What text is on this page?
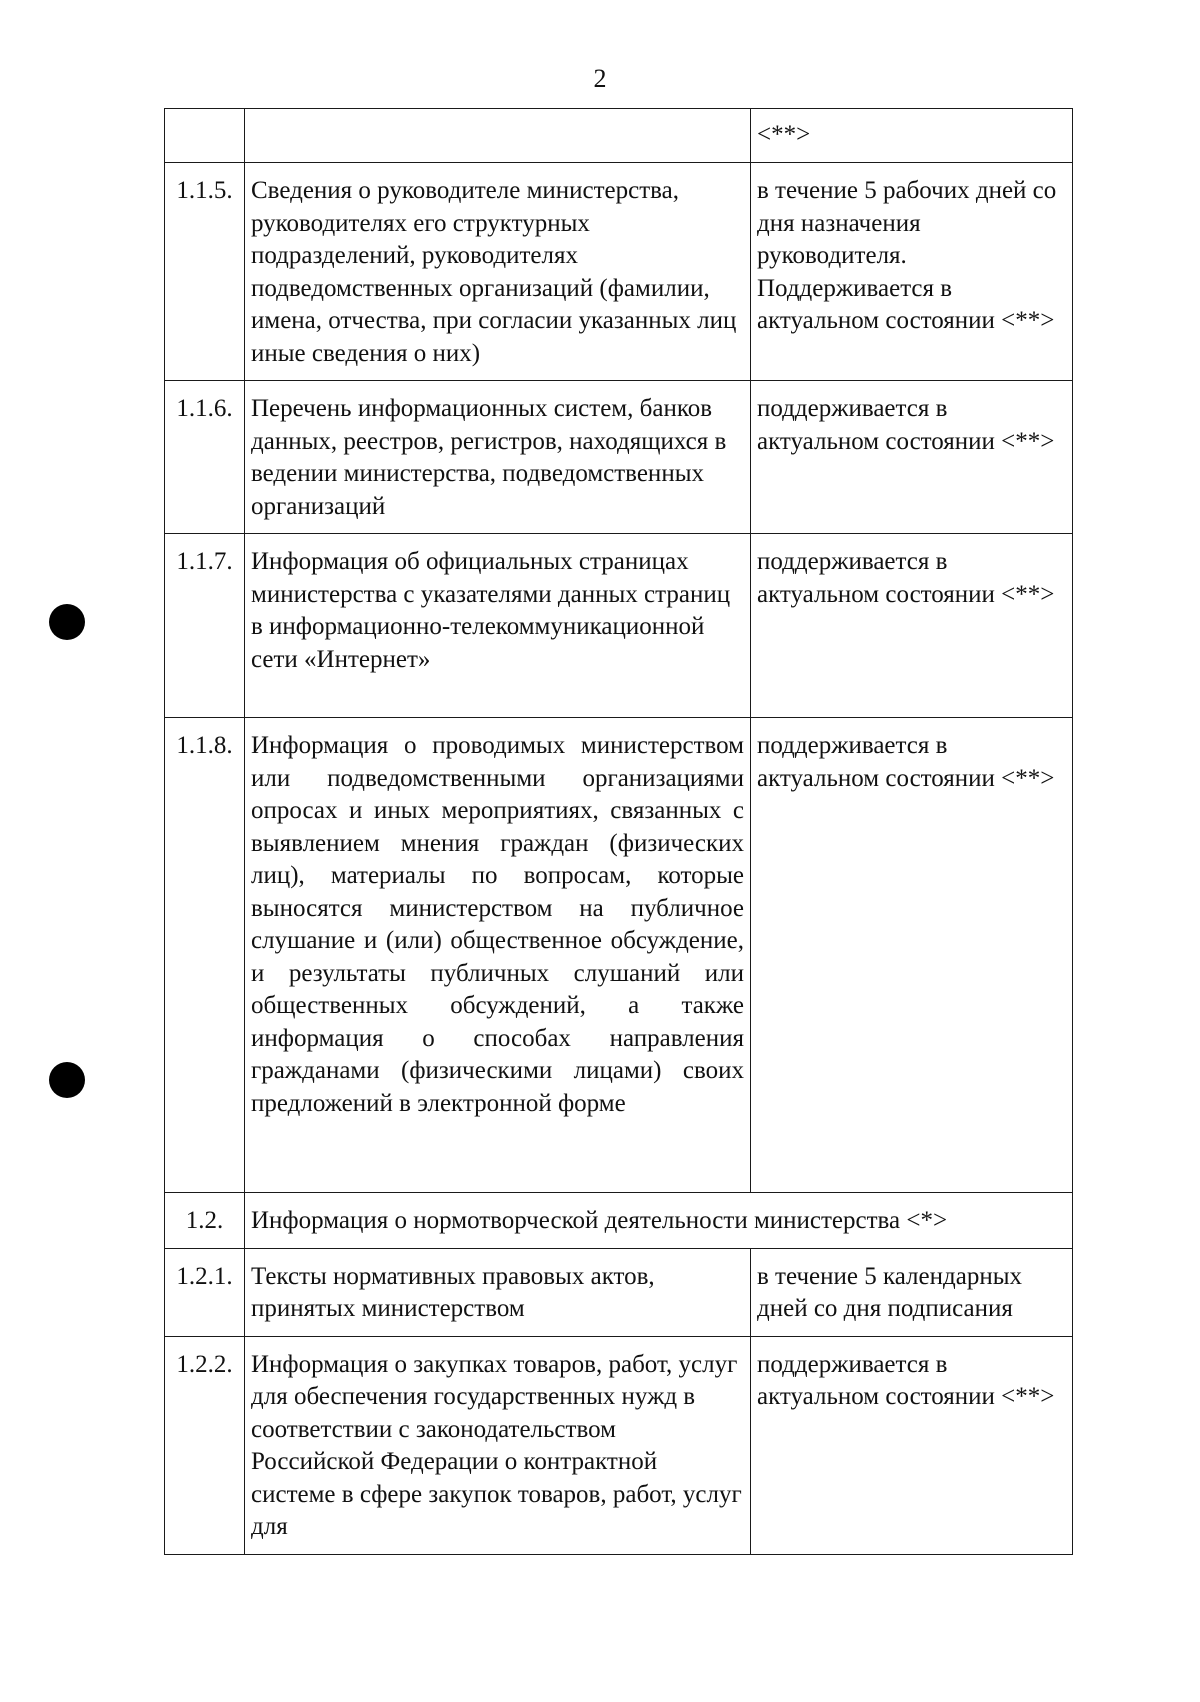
2
		<**>
1.1.5.	Сведения о руководителе министерства, руководителях его структурных подразделений, руководителях подведомственных организаций (фамилии, имена, отчества, при согласии указанных лиц иные сведения о них)	в течение 5 рабочих дней со дня назначения руководителя. Поддерживается в актуальном состоянии <**>
1.1.6.	Перечень информационных систем, банков данных, реестров, регистров, находящихся в ведении министерства, подведомственных организаций	поддерживается в актуальном состоянии <**>
1.1.7.	Информация об официальных страницах министерства с указателями данных страниц в информационно-телекоммуникационной сети «Интернет»	поддерживается в актуальном состоянии <**>
1.1.8.	Информация о проводимых министерством или подведомственными организациями опросах и иных мероприятиях, связанных с выявлением мнения граждан (физических лиц), материалы по вопросам, которые выносятся министерством на публичное слушание и (или) общественное обсуждение, и результаты публичных слушаний или общественных обсуждений, а также информация о способах направления гражданами (физическими лицами) своих предложений в электронной форме	поддерживается в актуальном состоянии <**>
1.2.	Информация о нормотворческой деятельности министерства <*>	
1.2.1.	Тексты нормативных правовых актов, принятых министерством	в течение 5 календарных дней со дня подписания
1.2.2.	Информация о закупках товаров, работ, услуг для обеспечения государственных нужд в соответствии с законодательством Российской Федерации о контрактной системе в сфере закупок товаров, работ, услуг для	поддерживается в актуальном состоянии <**>
